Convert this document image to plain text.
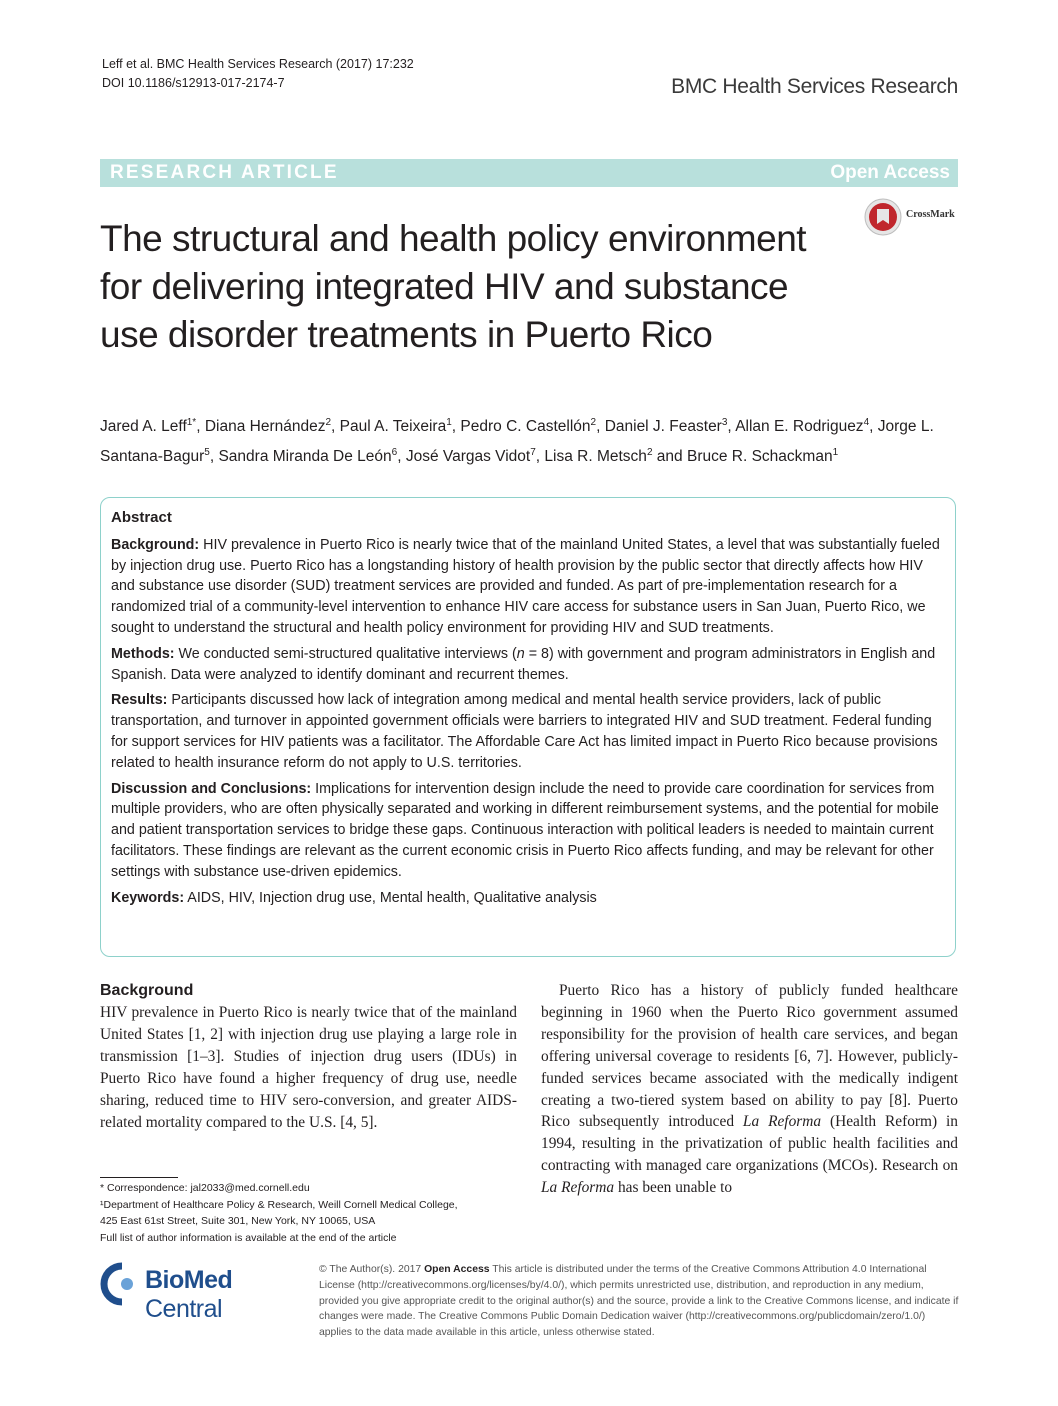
Leff et al. BMC Health Services Research (2017) 17:232
DOI 10.1186/s12913-017-2174-7	BMC Health Services Research
RESEARCH ARTICLE	Open Access
CrossMark
The structural and health policy environment for delivering integrated HIV and substance use disorder treatments in Puerto Rico
Jared A. Leff$^{1*}$, Diana Hernández$^2$, Paul A. Teixeira$^1$, Pedro C. Castellón$^2$, Daniel J. Feaster$^3$, Allan E. Rodriguez$^4$, Jorge L. Santana-Bagur$^5$, Sandra Miranda De León$^6$, José Vargas Vidot$^7$, Lisa R. Metsch$^2$ and Bruce R. Schackman$^1$
Abstract

Background: HIV prevalence in Puerto Rico is nearly twice that of the mainland United States, a level that was substantially fueled by injection drug use. Puerto Rico has a longstanding history of health provision by the public sector that directly affects how HIV and substance use disorder (SUD) treatment services are provided and funded. As part of pre-implementation research for a randomized trial of a community-level intervention to enhance HIV care access for substance users in San Juan, Puerto Rico, we sought to understand the structural and health policy environment for providing HIV and SUD treatments.

Methods: We conducted semi-structured qualitative interviews (n = 8) with government and program administrators in English and Spanish. Data were analyzed to identify dominant and recurrent themes.

Results: Participants discussed how lack of integration among medical and mental health service providers, lack of public transportation, and turnover in appointed government officials were barriers to integrated HIV and SUD treatment. Federal funding for support services for HIV patients was a facilitator. The Affordable Care Act has limited impact in Puerto Rico because provisions related to health insurance reform do not apply to U.S. territories.

Discussion and Conclusions: Implications for intervention design include the need to provide care coordination for services from multiple providers, who are often physically separated and working in different reimbursement systems, and the potential for mobile and patient transportation services to bridge these gaps. Continuous interaction with political leaders is needed to maintain current facilitators. These findings are relevant as the current economic crisis in Puerto Rico affects funding, and may be relevant for other settings with substance use-driven epidemics.

Keywords: AIDS, HIV, Injection drug use, Mental health, Qualitative analysis

Background

HIV prevalence in Puerto Rico is nearly twice that of the mainland United States [1, 2] with injection drug use playing a large role in transmission [1–3]. Studies of injection drug users (IDUs) in Puerto Rico have found a higher frequency of drug use, needle sharing, reduced time to HIV sero-conversion, and greater AIDS-related mortality compared to the U.S. [4, 5].

Puerto Rico has a history of publicly funded healthcare beginning in 1960 when the Puerto Rico government assumed responsibility for the provision of health care services, and began offering universal coverage to residents [6, 7]. However, publicly-funded services became associated with the medically indigent creating a two-tiered system based on ability to pay [8]. Puerto Rico subsequently introduced La Reforma (Health Reform) in 1994, resulting in the privatization of public health facilities and contracting with managed care organizations (MCOs). Research on La Reforma has been unable to

* Correspondence: jal2033@med.cornell.edu

¹Department of Healthcare Policy & Research, Weill Cornell Medical College,

425 East 61st Street, Suite 301, New York, NY 10065, USA

Full list of author information is available at the end of the article

BioMed Central
© The Author(s). 2017 Open Access This article is distributed under the terms of the Creative Commons Attribution 4.0 International License (http://creativecommons.org/licenses/by/4.0/), which permits unrestricted use, distribution, and reproduction in any medium, provided you give appropriate credit to the original author(s) and the source, provide a link to the Creative Commons license, and indicate if changes were made. The Creative Commons Public Domain Dedication waiver (http://creativecommons.org/publicdomain/zero/1.0/) applies to the data made available in this article, unless otherwise stated.
